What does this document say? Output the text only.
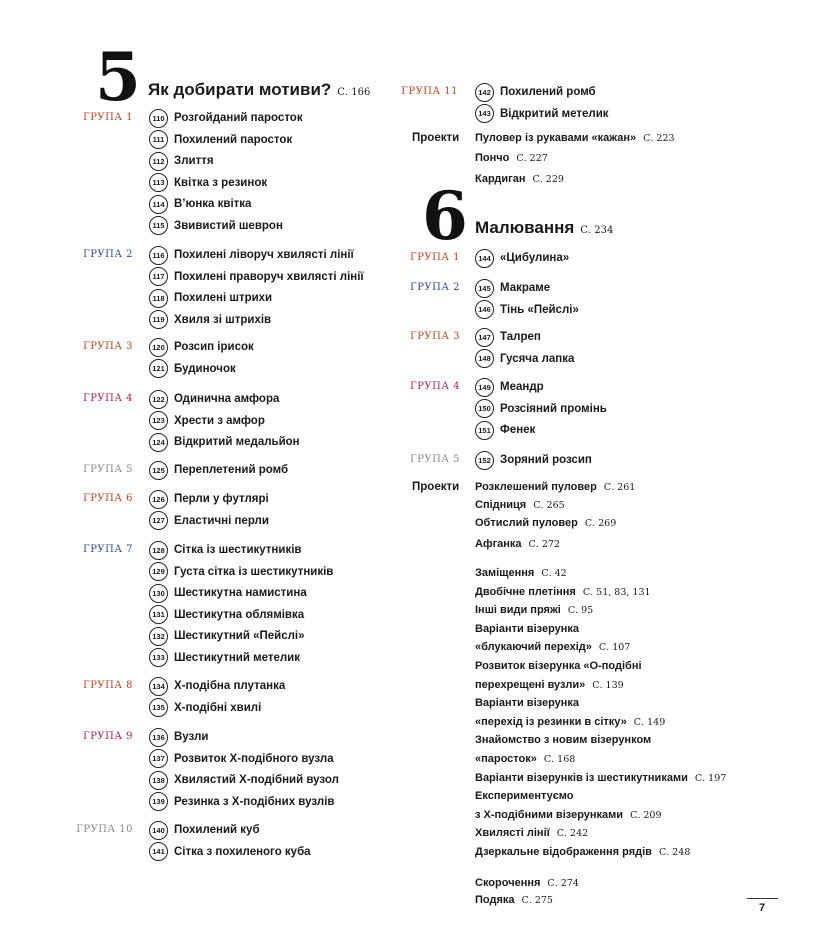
5 Як добирати мотиви? С. 166
ГРУПА 1	110 Розгойданий паросток
111 Похилений паросток
112 Злиття
113 Квітка з резинок
114 В’юнка квітка
115 Звивистий шеврон
ГРУПА 2	116 Похилені ліворуч хвилясті лінії
117 Похилені праворуч хвилясті лінії
118 Похилені штрихи
119 Хвиля зі штрихів
ГРУПА 3	120 Розсип ірисок
121 Будиночок
ГРУПА 4	122 Одинична амфора
123 Хрести з амфор
124 Відкритий медальйон
ГРУПА 5	125 Переплетений ромб
ГРУПА 6	126 Перли у футлярі
127 Еластичні перли
ГРУПА 7	128 Сітка із шестикутників
129 Густа сітка із шестикутників
130 Шестикутна намистина
131 Шестикутна облямівка
132 Шестикутний «Пейслі»
133 Шестикутний метелик
ГРУПА 8	134 Х-подібна плутанка
135 Х-подібні хвилі
ГРУПА 9	136 Вузли
137 Розвиток Х-подібного вузла
138 Хвилястий Х-подібний вузол
139 Резинка з Х-подібних вузлів
ГРУПА 10	140 Похилений куб
141 Сітка з похиленого куба
ГРУПА 11	142 Похилений ромб
143 Відкритий метелик
Проекти Пуловер із рукавами «кажан» С. 223
Пончо С. 227
Кардиган С. 229
6 Малювання С. 234
ГРУПА 1	144 «Цибулина»
ГРУПА 2	145 Макраме
146 Тінь «Пейслі»
ГРУПА 3	147 Талреп
148 Гусяча лапка
ГРУПА 4	149 Меандр
150 Розсіяний промінь
151 Фенек
ГРУПА 5	152 Зоряний розсип
Проекти Розклешений пуловер С. 261
Спідниця С. 265
Обтислий пуловер С. 269
Афганка С. 272
Заміщення С. 42
Двобічне плетіння С. 51, 83, 131
Інші види пряжі С. 95
Варіанти візерунка
«блукаючий перехід» С. 107
Розвиток візерунка «О-подібні
перехрещені вузли» С. 139
Варіанти візерунка
«перехід із резинки в сітку» С. 149
Знайомство з новим візерунком
«паросток» С. 168
Варіанти візерунків із шестикутниками С. 197
Експериментуємо
з Х-подібними візерунками С. 209
Хвилясті лінії С. 242
Дзеркальне відображення рядів С. 248
Скорочення С. 274
Подяка С. 275
7
